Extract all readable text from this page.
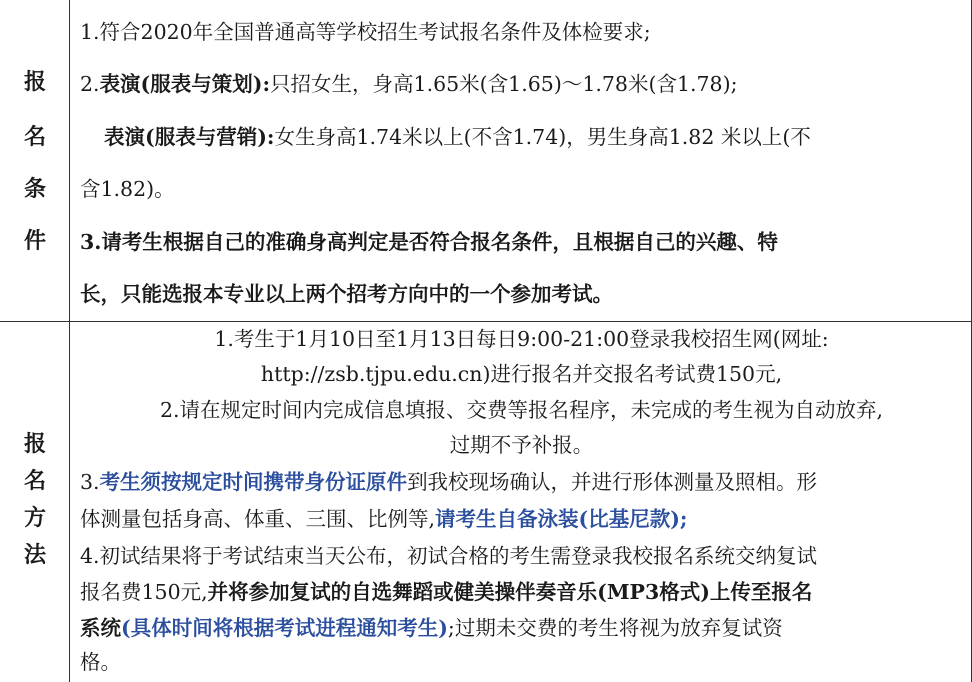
报
名
条
件
1.符合2020年全国普通高等学校招生考试报名条件及体检要求;
2.表演(服表与策划):只招女生，身高1.65米(含1.65)～1.78米(含1.78);
表演(服表与营销):女生身高1.74米以上(不含1.74)，男生身高1.82 米以上(不
含1.82)。
3.请考生根据自己的准确身高判定是否符合报名条件，且根据自己的兴趣、特
长，只能选报本专业以上两个招考方向中的一个参加考试。
报
名
方
法
1.考生于1月10日至1月13日每日9:00-21:00登录我校招生网(网址:
http://zsb.tjpu.edu.cn)进行报名并交报名考试费150元,
2.请在规定时间内完成信息填报、交费等报名程序，未完成的考生视为自动放弃,
过期不予补报。
3.考生须按规定时间携带身份证原件到我校现场确认，并进行形体测量及照相。形
体测量包括身高、体重、三围、比例等,请考生自备泳装(比基尼款);
4.初试结果将于考试结束当天公布，初试合格的考生需登录我校报名系统交纳复试
报名费150元,并将参加复试的自选舞蹈或健美操伴奏音乐(MP3格式)上传至报名
系统(具体时间将根据考试进程通知考生);过期未交费的考生将视为放弃复试资
格。
